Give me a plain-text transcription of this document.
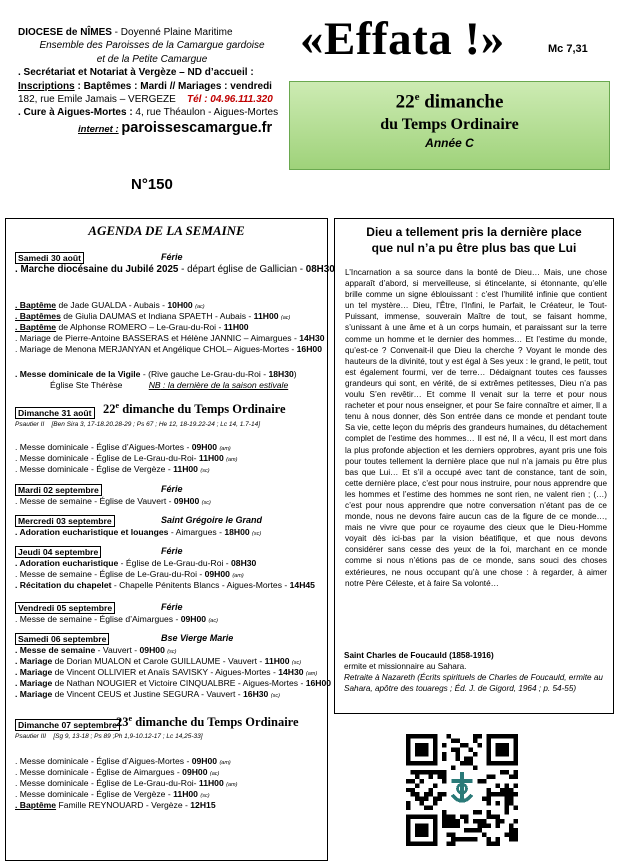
DIOCESE de NÎMES - Doyenné Plaine Maritime
Ensemble des Paroisses de la Camargue gardoise
et de la Petite Camargue
. Secrétariat et Notariat à Vergèze – ND d’accueil :
Inscriptions : Baptêmes : Mardi // Mariages : vendredi
182, rue Emile Jamais – VERGEZE Tél : 04.96.111.320
. Cure à Aigues-Mortes : 4, rue Théaulon - Aigues-Mortes
internet : paroissescamargue.fr
«Effata !»	Mc 7,31
22e dimanche
du Temps Ordinaire
Année C
N°150
AGENDA DE LA SEMAINE
Samedi 30 août	Férie
. Marche diocésaine du Jubilé 2025 - départ église de Gallician - 08H30
. Baptême de Jade GUALDA - Aubais - 10H00 (ac)
. Baptêmes de Giulia DAUMAS et Indiana SPAETH - Aubais - 11H00 (ac)
. Baptême de Alphonse ROMERO – Le-Grau-du-Roi - 11H00
. Mariage de Pierre-Antoine BASSERAS et Hélène JANNIC – Aimargues - 14H30
. Mariage de Menona MERJANYAN et Angélique CHOL– Aigues-Mortes - 16H00
. Messe dominicale de la Vigile - (Rive gauche Le-Grau-du-Roi - 18H30)
Église Ste Thérèse	NB : la dernière de la saison estivale
Dimanche 31 août 22e dimanche du Temps Ordinaire
Psautier II [Ben Sira 3, 17-18.20.28-29 ; Ps 67 ; He 12, 18-19.22-24 ; Lc 14, 1.7-14]
. Messe dominicale - Église d’Aigues-Mortes - 09H00 (am)
. Messe dominicale - Église de Le-Grau-du-Roi- 11H00 (am)
. Messe dominicale - Église de Vergèze - 11H00 (sc)
Mardi 02 septembre	Férie
. Messe de semaine - Église de Vauvert - 09H00 (sc)
Mercredi 03 septembre	Saint Grégoire le Grand
. Adoration eucharistique et louanges - Aimargues - 18H00 (sc)
Jeudi 04 septembre	Férie
. Adoration eucharistique - Église de Le-Grau-du-Roi - 08H30
. Messe de semaine - Église de Le-Grau-du-Roi - 09H00 (am)
. Récitation du chapelet - Chapelle Pénitents Blancs - Aigues-Mortes - 14H45
Vendredi 05 septembre	Férie
. Messe de semaine - Église d’Aimargues - 09H00 (ac)
Samedi 06 septembre	Bse Vierge Marie
. Messe de semaine - Vauvert - 09H00 (sc)
. Mariage de Dorian MUALON et Carole GUILLAUME - Vauvert - 11H00 (sc)
. Mariage de Vincent OLLIVIER et Anaïs SAVISKY - Aigues-Mortes - 14H30 (am)
. Mariage de Nathan NOUGIER et Victoire CINQUALBRE - Aigues-Mortes - 16H00
. Mariage de Vincent CEUS et Justine SEGURA - Vauvert - 16H30 (sc)
Dimanche 07 septembre 23e dimanche du Temps Ordinaire
Psautier III [Sg 9, 13-18 ; Ps 89 ;Ph 1,9-10.12-17 ; Lc 14,25-33]
. Messe dominicale - Église d’Aigues-Mortes - 09H00 (am)
. Messe dominicale - Église de Aimargues - 09H00 (ac)
. Messe dominicale - Église de Le-Grau-du-Roi- 11H00 (am)
. Messe dominicale - Église de Vergèze - 11H00 (sc)
. Baptême Famille REYNOUARD - Vergèze - 12H15
Dieu a tellement pris la dernière place
que nul n’a pu être plus bas que Lui
L’Incarnation a sa source dans la bonté de Dieu… Mais, une chose apparaît d’abord, si merveilleuse, si étincelante, si étonnante, qu’elle brille comme un signe éblouissant : c’est l’humilité infinie que contient un tel mystère… Dieu, l’Être, l’Infini, le Parfait, le Créateur, le Tout-Puissant, immense, souverain Maître de tout, se faisant homme, s’unissant à une âme et à un corps humain, et paraissant sur la terre comme un homme et le dernier des hommes… Et l’estime du monde, qu’est-ce ? Convenait-il que Dieu la cherche ? Voyant le monde des hauteurs de la divinité, tout y est égal à Ses yeux : le grand, le petit, tout est également fourmi, ver de terre… Dédaignant toutes ces fausses grandeurs qui sont, en vérité, de si extrêmes petitesses, Dieu n’a pas voulu S’en revêtir… Et comme Il venait sur la terre et pour nous racheter et pour nous enseigner, et pour Se faire connaître et aimer, Il a tenu à nous donner, dès Son entrée dans ce monde et pendant toute Sa vie, cette leçon du mépris des grandeurs humaines, du détachement complet de l’estime des hommes… Il est né, Il a vécu, Il est mort dans la plus profonde abjection et les derniers opprobres, ayant pris une fois pour toutes tellement la dernière place que nul n’a jamais pu être plus bas que Lui… Et s’il a occupé avec tant de constance, tant de soin, cette dernière place, c’est pour nous instruire, pour nous apprendre que les hommes et l’estime des hommes ne sont rien, ne valent rien ; (…) c’est pour nous apprendre que notre conversation n’étant pas de ce monde, nous ne devons faire aucun cas de la figure de ce monde…, mais ne vivre que pour ce royaume des cieux que le Dieu-Homme voyait dès ici-bas par la vision béatifique, et que nous devons considérer sans cesse des yeux de la foi, marchant en ce monde comme si nous n’étions pas de ce monde, sans souci des choses extérieures, ne nous occupant qu’à une chose : à regarder, à aimer notre Père Céleste, et à faire Sa volonté…
Saint Charles de Foucauld (1858-1916)
ermite et missionnaire au Sahara.
Retraite à Nazareth (Écrits spirituels de Charles de Foucauld, ermite au Sahara, apôtre des touaregs ; Éd. J. de Gigord, 1964 ; p. 54-55)
